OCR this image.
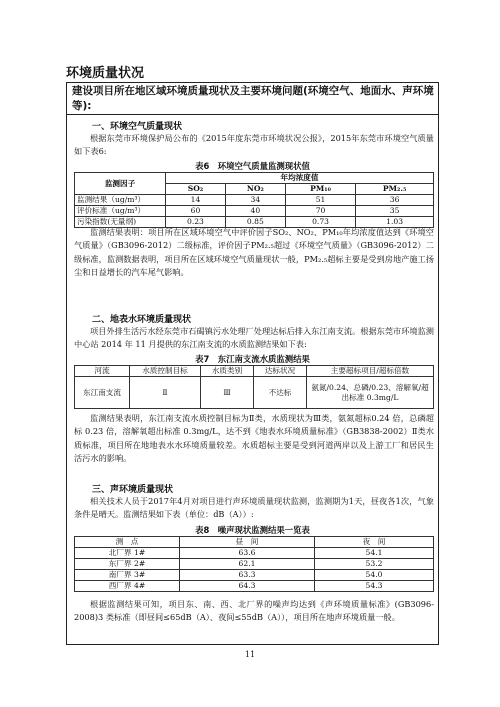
环境质量状况
建设项目所在地区域环境质量现状及主要环境问题(环境空气、地面水、声环境等):
一、环境空气质量现状
根据东莞市环境保护局公布的《2015年度东莞市环境状况公报》，2015年东莞市环境空气质量如下表6:
表6　环境空气质量监测现状值
监测因子	年均浓度值			
	SO₂	NO₂	PM₁₀	PM₂.₅
监测结果（ug/m³）	14	34	51	36
评价标准（ug/m³）	60	40	70	35
污染指数(无量纲)	0.23	0.85	0.73	1.03
监测结果表明：项目所在区域环境空气中评价因子SO₂、NO₂、PM₁₀年均浓度值达到《环境空气质量》（GB3096-2012）二级标准，评价因子PM₂.₅超过《环境空气质量》（GB3096-2012）二级标准，监测数据表明，项目所在区域环境空气质量现状一般，PM₂.₅超标主要是受到房地产施工扬尘和日益增长的汽车尾气影响。
二、地表水环境质量现状
项目外排生活污水经东莞市石碣镇污水处理厂处理达标后排入东江南支流。根据东莞市环境监测中心站 2014 年 11 月提供的东江南支流的水质监测结果如下表:
表7　东江南支流水质监测结果
河流	水质控制目标	水质类别	达标状况	主要超标项目/超标倍数
东江南支流	Ⅱ	Ⅲ	不达标	氨氮/0.24、总磷/0.23、溶解氧/超出标准 0.3mg/L
监测结果表明，东江南支流水质控制目标为Ⅱ类，水质现状为Ⅲ类，氨氮超标0.24 倍，总磷超标 0.23 倍，溶解氧超出标准 0.3mg/L，达不到《地表水环境质量标准》（GB3838-2002）Ⅱ类水质标准，项目所在地地表水水环境质量较差。水质超标主要是受到河道两岸以及上游工厂和居民生活污水的影响。
三、声环境质量现状
相关技术人员于2017年4月对项目进行声环境质量现状监测，监测期为1天，昼夜各1次，气象条件是晴天。监测结果如下表（单位：dB（A））:
表8　噪声现状监测结果一览表
测　点	昼　间	夜　间
北厂界 1#	63.6	54.1
东厂界 2#	62.1	53.2
南厂界 3#	63.3	54.0
西厂界 4#	64.3	54.3
根据监测结果可知，项目东、南、西、北厂界的噪声均达到《声环境质量标准》(GB3096-2008)3 类标准（即昼间≤65dB（A）、夜间≤55dB（A）），项目所在地声环境质量一般。
11
